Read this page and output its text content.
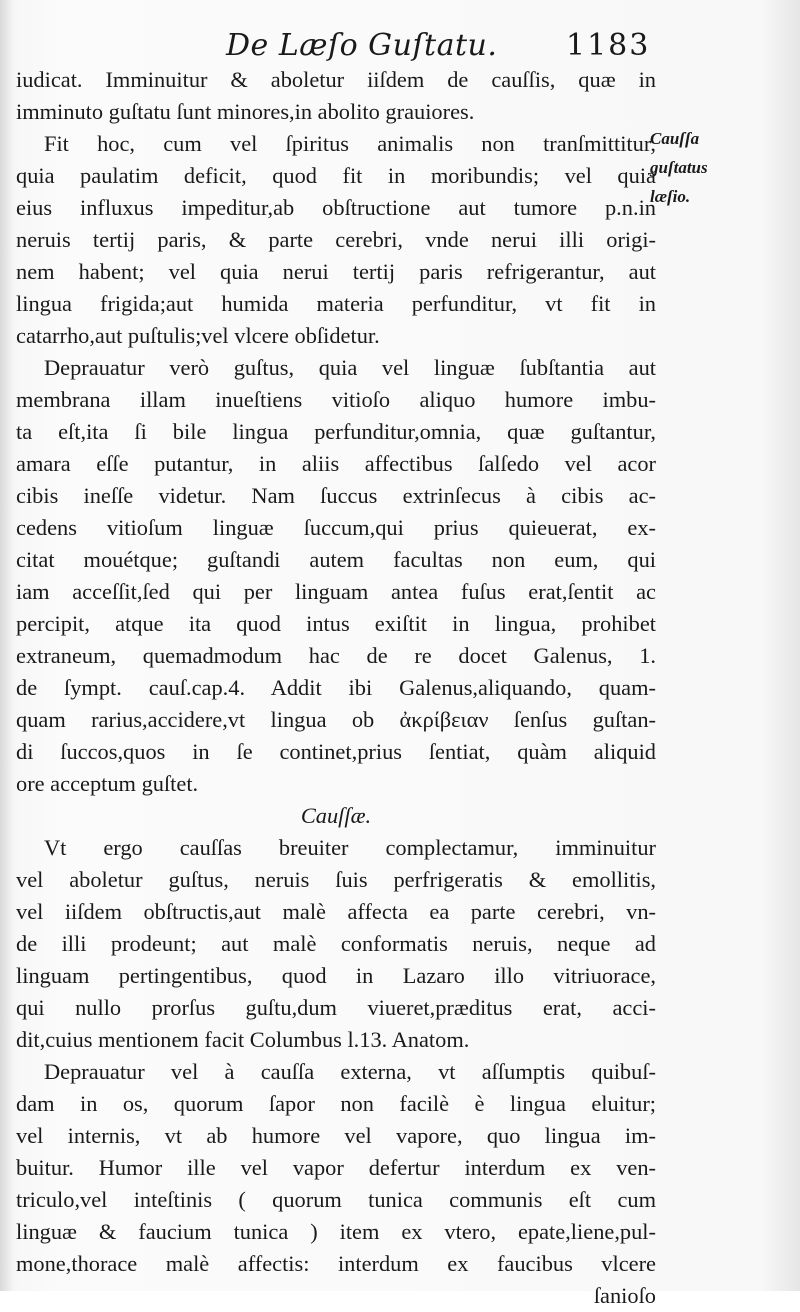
De Læſo Guſtatu. 1183
Cauſſa
guſtatus
læſio.
iudicat. Imminuitur & aboletur iiſdem de cauſſis, quæ in
imminuto guſtatu ſunt minores,in abolito grauiores.
Fit hoc, cum vel ſpiritus animalis non tranſmittitur,
quia paulatim deficit, quod fit in moribundis; vel quia
eius influxus impeditur,ab obſtructione aut tumore p.n.in
neruis tertij paris, & parte cerebri, vnde nerui illi origi-
nem habent; vel quia nerui tertij paris refrigerantur, aut
lingua frigida;aut humida materia perfunditur, vt fit in
catarrho,aut puſtulis;vel vlcere obſidetur.
Deprauatur verò guſtus, quia vel linguæ ſubſtantia aut
membrana illam inueſtiens vitioſo aliquo humore imbu-
ta eſt,ita ſi bile lingua perfunditur,omnia, quæ guſtantur,
amara eſſe putantur, in aliis affectibus ſalſedo vel acor
cibis ineſſe videtur. Nam ſuccus extrinſecus à cibis ac-
cedens vitioſum linguæ ſuccum,qui prius quieuerat, ex-
citat mouétque; guſtandi autem facultas non eum, qui
iam acceſſit,ſed qui per linguam antea fuſus erat,ſentit ac
percipit, atque ita quod intus exiſtit in lingua, prohibet
extraneum, quemadmodum hac de re docet Galenus, 1.
de ſympt. cauſ.cap.4. Addit ibi Galenus,aliquando, quam-
quam rarius,accidere,vt lingua ob ἀκρίβειαν ſenſus guſtan-
di ſuccos,quos in ſe continet,prius ſentiat, quàm aliquid
ore acceptum guſtet.
Cauſſæ.
Vt ergo cauſſas breuiter complectamur, imminuitur
vel aboletur guſtus, neruis ſuis perfrigeratis & emollitis,
vel iiſdem obſtructis,aut malè affecta ea parte cerebri, vn-
de illi prodeunt; aut malè conformatis neruis, neque ad
linguam pertingentibus, quod in Lazaro illo vitriuorace,
qui nullo prorſus guſtu,dum viueret,præditus erat, acci-
dit,cuius mentionem facit Columbus l.13. Anatom.
Deprauatur vel à cauſſa externa, vt aſſumptis quibuſ-
dam in os, quorum ſapor non facilè è lingua eluitur;
vel internis, vt ab humore vel vapore, quo lingua im-
buitur. Humor ille vel vapor defertur interdum ex ven-
triculo,vel inteſtinis ( quorum tunica communis eſt cum
linguæ & faucium tunica ) item ex vtero, epate,liene,pul-
mone,thorace malè affectis: interdum ex faucibus vlcere
ſanioſo
